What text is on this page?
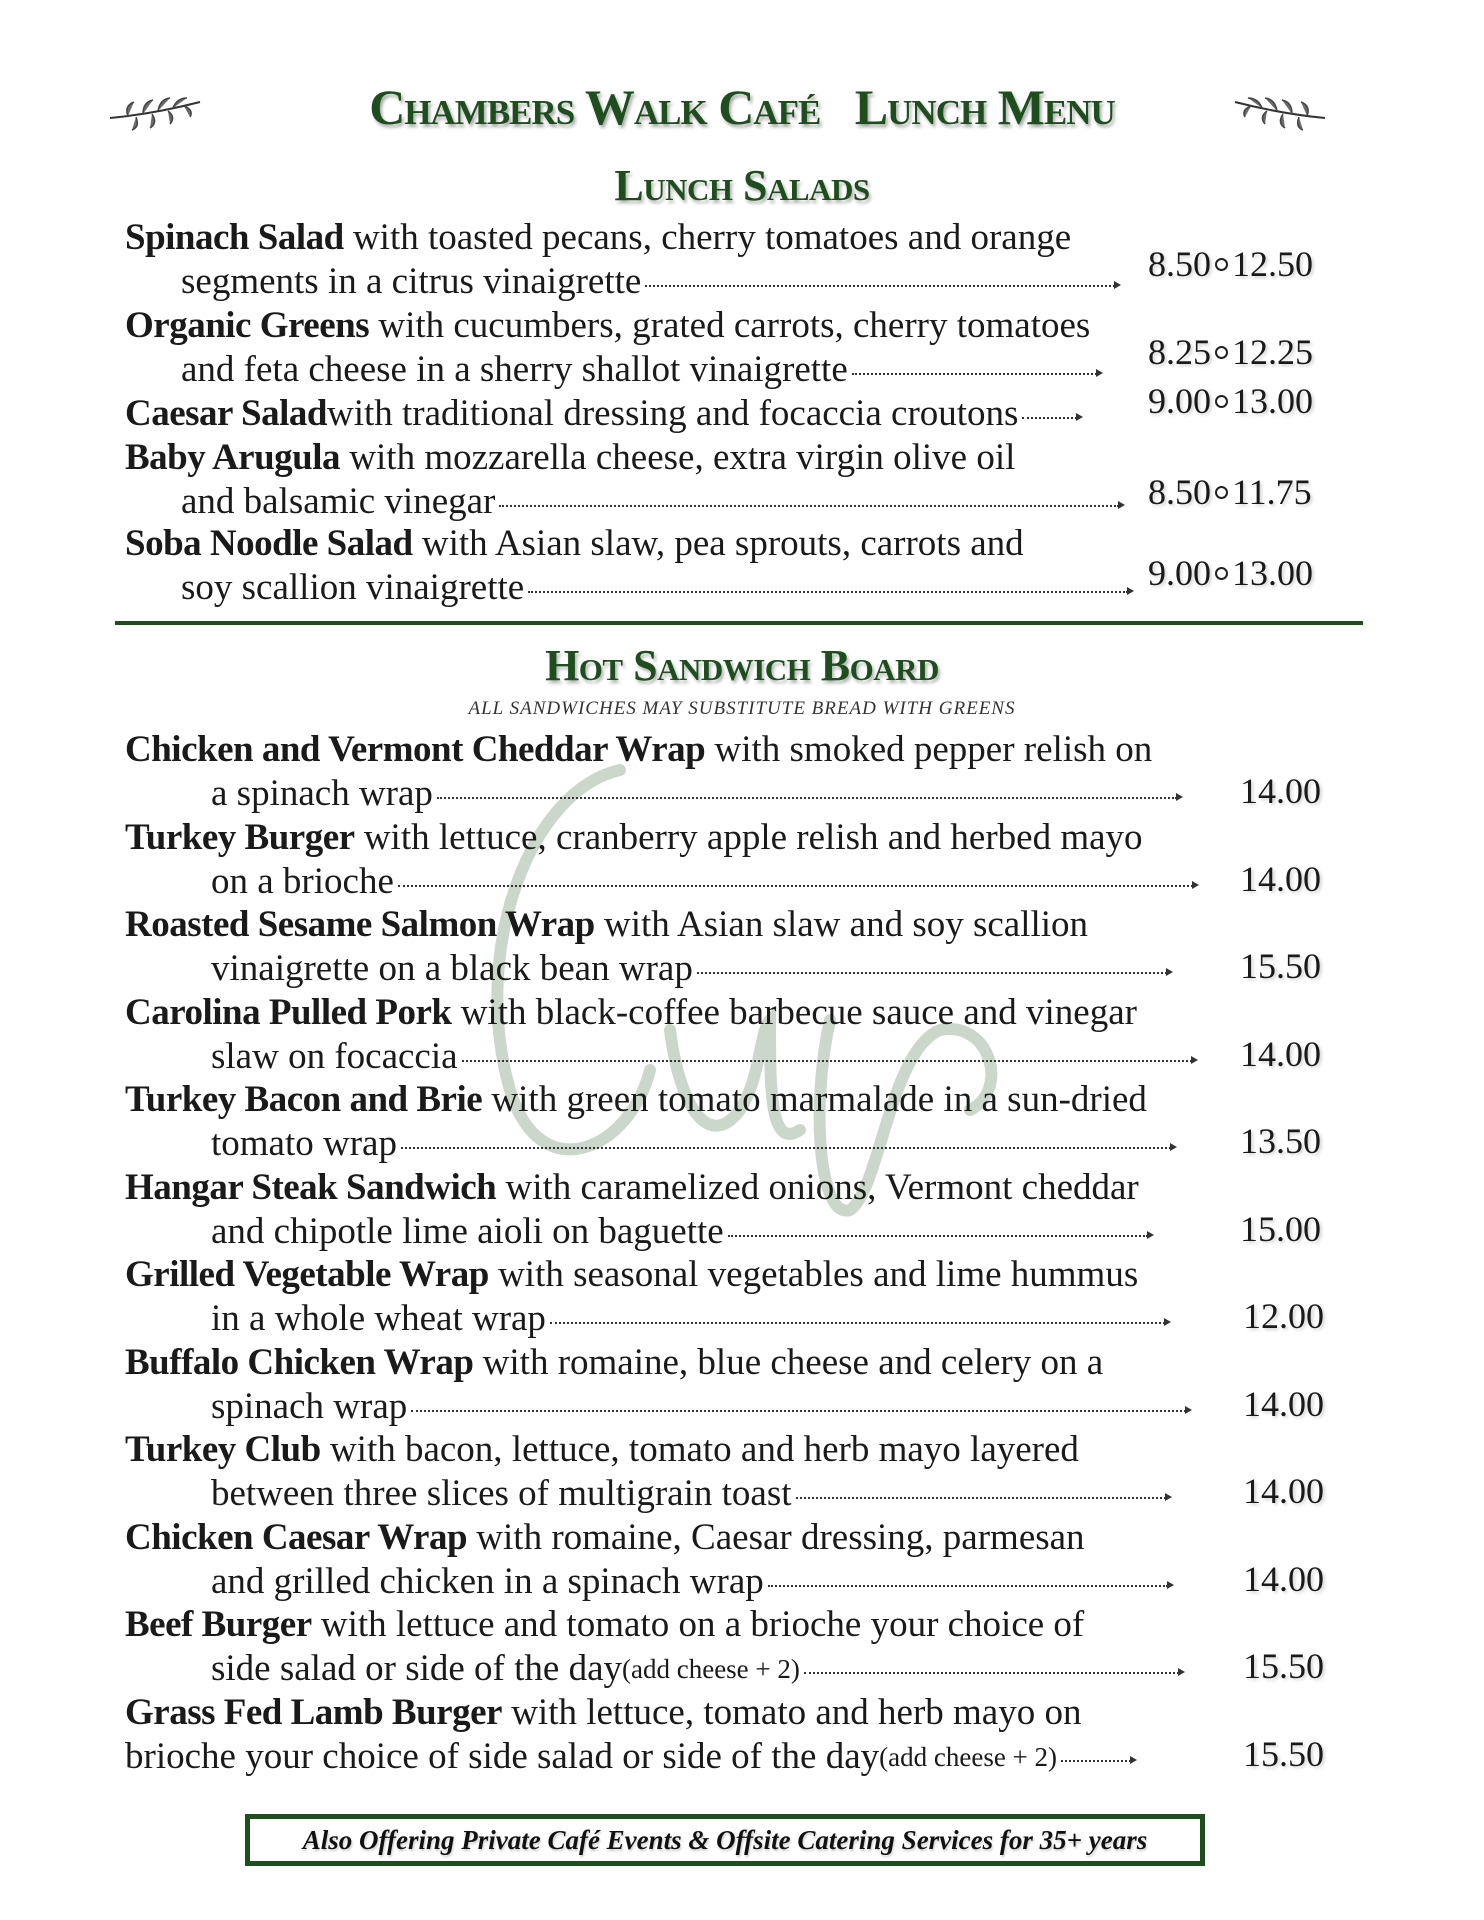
Chambers Walk Café   Lunch Menu
Lunch Salads
Spinach Salad with toasted pecans, cherry tomatoes and orange
segments in a citrus vinaigrette	8.50 12.50
Organic Greens with cucumbers, grated carrots, cherry tomatoes
and feta cheese in a sherry shallot vinaigrette	8.25 12.25
Caesar Salad with traditional dressing and focaccia croutons	9.00 13.00
Baby Arugula with mozzarella cheese, extra virgin olive oil
and balsamic vinegar	8.50 11.75
Soba Noodle Salad with Asian slaw, pea sprouts, carrots and
soy scallion vinaigrette	9.00 13.00
Hot Sandwich Board
ALL SANDWICHES MAY SUBSTITUTE BREAD WITH GREENS
Chicken and Vermont Cheddar Wrap with smoked pepper relish on
a spinach wrap	14.00
Turkey Burger with lettuce, cranberry apple relish and herbed mayo
on a brioche	14.00
Roasted Sesame Salmon Wrap with Asian slaw and soy scallion
vinaigrette on a black bean wrap	15.50
Carolina Pulled Pork with black-coffee barbecue sauce and vinegar
slaw on focaccia	14.00
Turkey Bacon and Brie with green tomato marmalade in a sun-dried
tomato wrap	13.50
Hangar Steak Sandwich with caramelized onions, Vermont cheddar
and chipotle lime aioli on baguette	15.00
Grilled Vegetable Wrap with seasonal vegetables and lime hummus
in a whole wheat wrap	12.00
Buffalo Chicken Wrap with romaine, blue cheese and celery on a
spinach wrap	14.00
Turkey Club with bacon, lettuce, tomato and herb mayo layered
between three slices of multigrain toast	14.00
Chicken Caesar Wrap with romaine, Caesar dressing, parmesan
and grilled chicken in a spinach wrap	14.00
Beef Burger with lettuce and tomato on a brioche your choice of
side salad or side of the day (add cheese + 2)	15.50
Grass Fed Lamb Burger with lettuce, tomato and herb mayo on
brioche your choice of side salad or side of the day (add cheese + 2)	15.50
Also Offering Private Café Events & Offsite Catering Services for 35+ years
